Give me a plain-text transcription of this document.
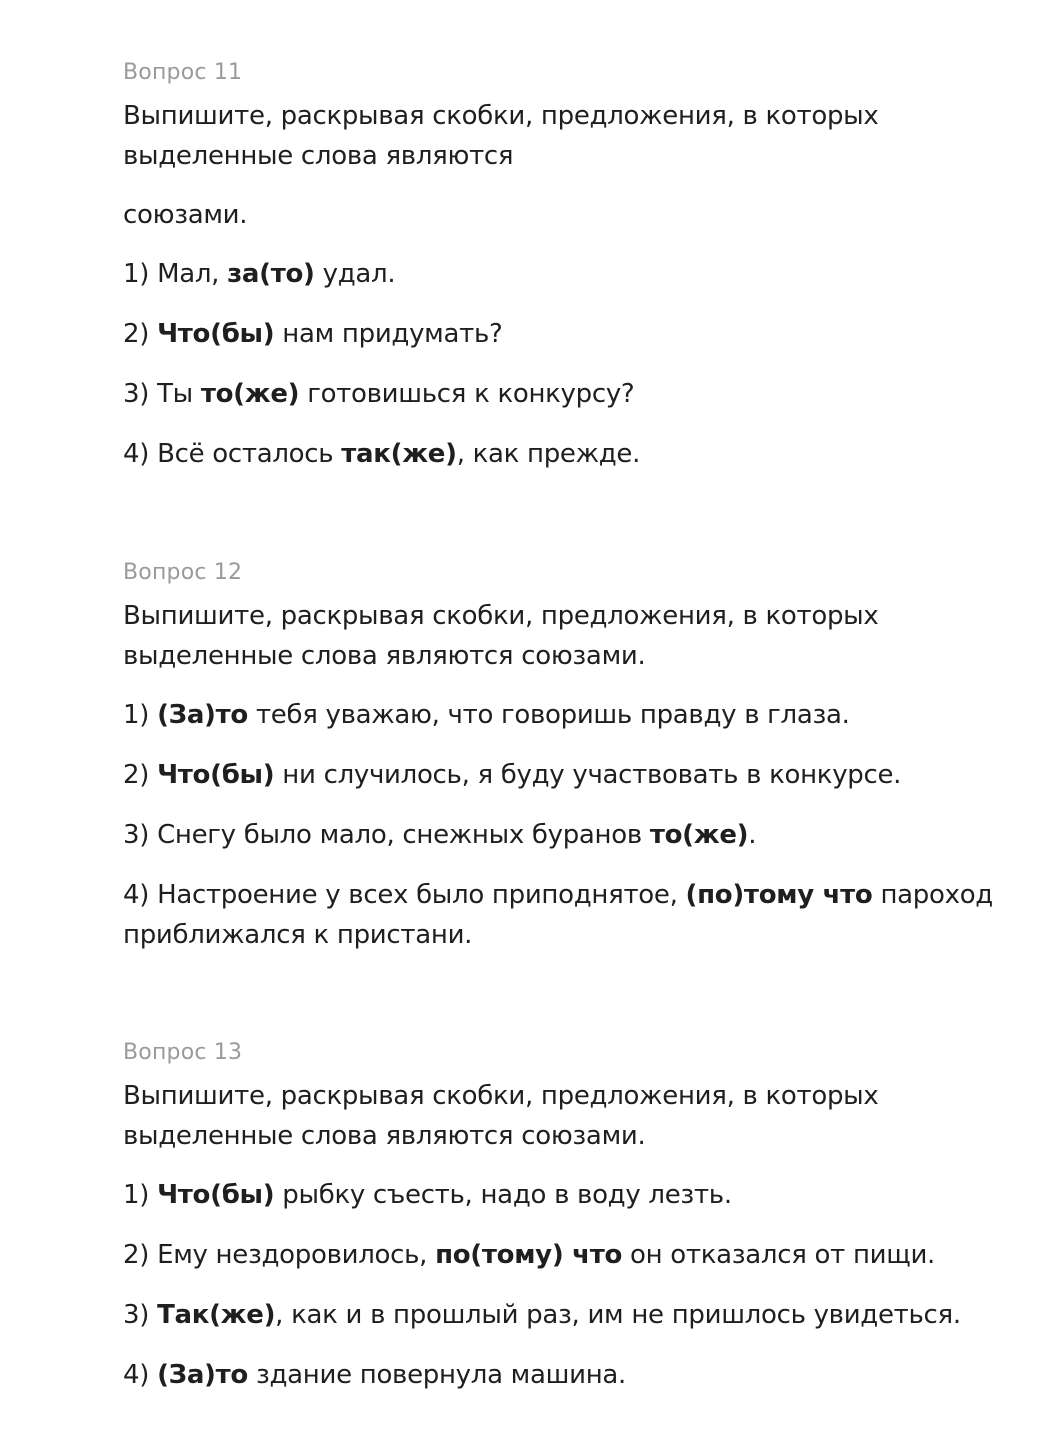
Вопрос 11

Выпишите, раскрывая скобки, предложения, в которых выделенные слова являются

союзами.

1) Мал, за(то) удал.
2) Что(бы) нам придумать?
3) Ты то(же) готовишься к конкурсу?
4) Всё осталось так(же), как прежде.
Вопрос 12

Выпишите, раскрывая скобки, предложения, в которых выделенные слова являются союзами.

1) (За)то тебя уважаю, что говоришь правду в глаза.
2) Что(бы) ни случилось, я буду участвовать в конкурсе.
3) Снегу было мало, снежных буранов то(же).
4) Настроение у всех было приподнятое, (по)тому что пароход приближался к пристани.
Вопрос 13

Выпишите, раскрывая скобки, предложения, в которых выделенные слова являются союзами.

1) Что(бы) рыбку съесть, надо в воду лезть.
2) Ему нездоровилось, по(тому) что он отказался от пищи.
3) Так(же), как и в прошлый раз, им не пришлось увидеться.
4) (За)то здание повернула машина.
